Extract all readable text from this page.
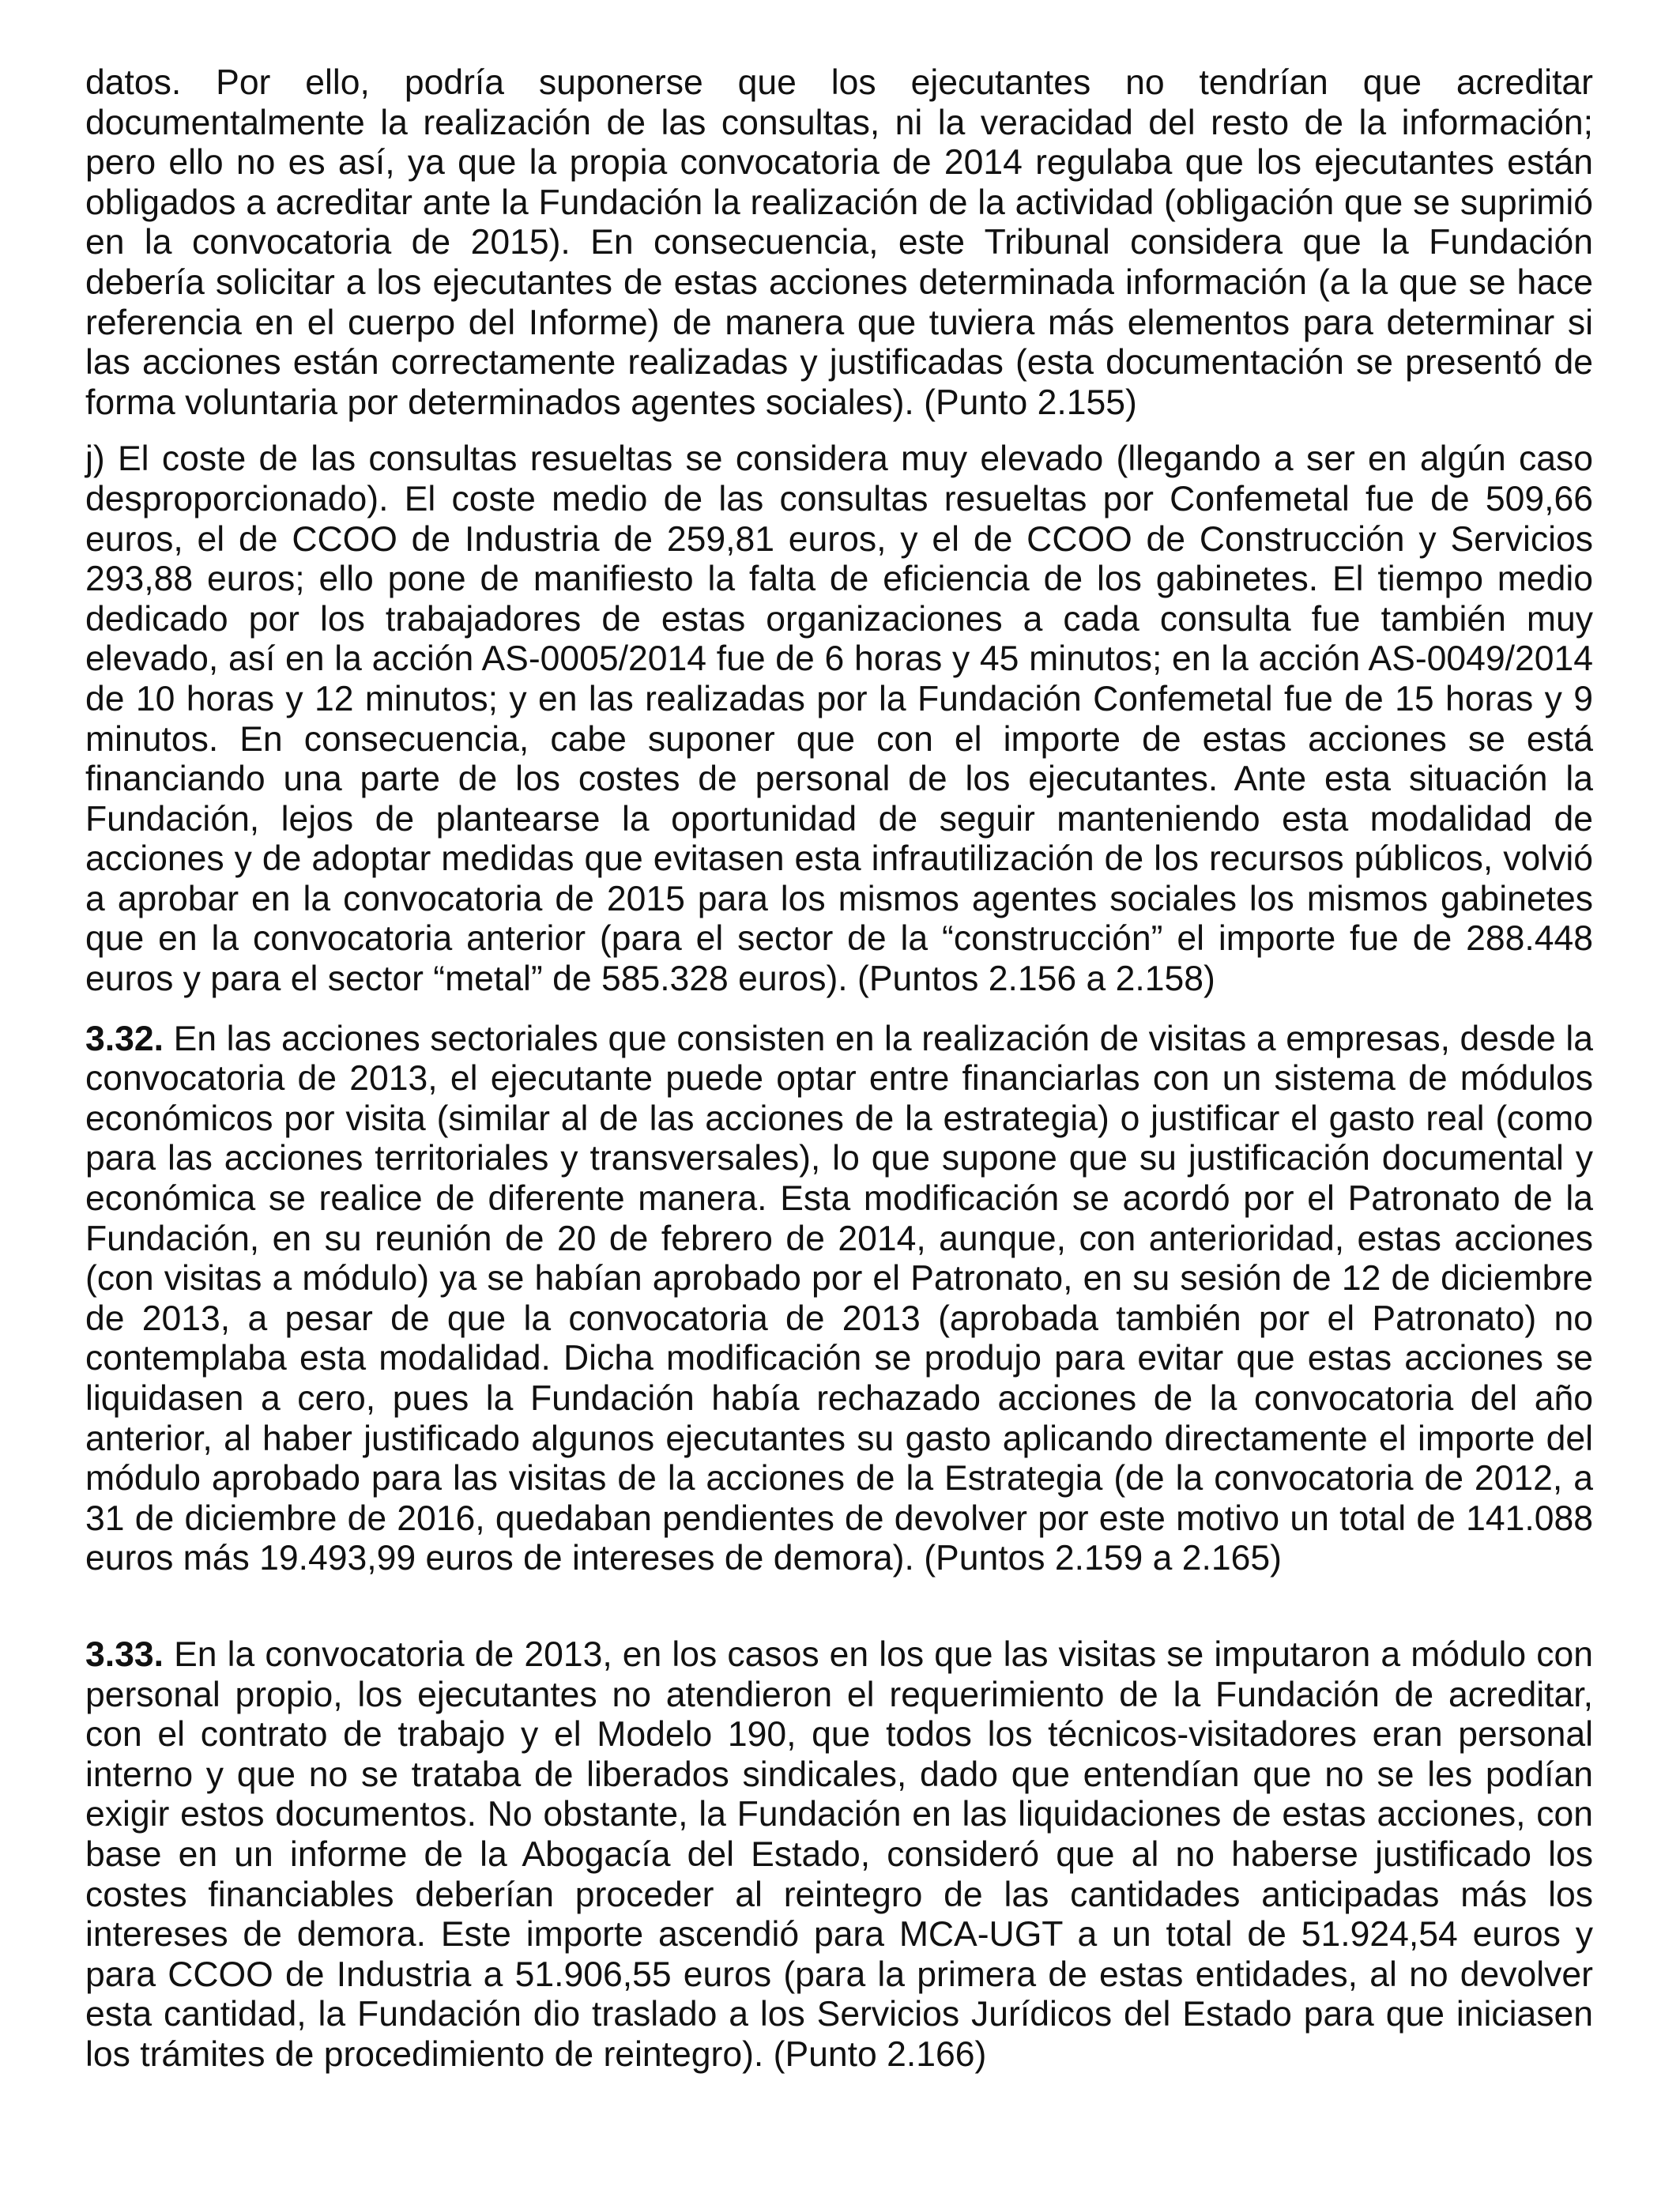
datos. Por ello, podría suponerse que los ejecutantes no tendrían que acreditar documentalmente la realización de las consultas, ni la veracidad del resto de la información; pero ello no es así, ya que la propia convocatoria de 2014 regulaba que los ejecutantes están obligados a acreditar ante la Fundación la realización de la actividad (obligación que se suprimió en la convocatoria de 2015). En consecuencia, este Tribunal considera que la Fundación debería solicitar a los ejecutantes de estas acciones determinada información (a la que se hace referencia en el cuerpo del Informe) de manera que tuviera más elementos para determinar si las acciones están correctamente realizadas y justificadas (esta documentación se presentó de forma voluntaria por determinados agentes sociales). (Punto 2.155)

j) El coste de las consultas resueltas se considera muy elevado (llegando a ser en algún caso desproporcionado). El coste medio de las consultas resueltas por Confemetal fue de 509,66 euros, el de CCOO de Industria de 259,81 euros, y el de CCOO de Construcción y Servicios 293,88 euros; ello pone de manifiesto la falta de eficiencia de los gabinetes. El tiempo medio dedicado por los trabajadores de estas organizaciones a cada consulta fue también muy elevado, así en la acción AS-0005/2014 fue de 6 horas y 45 minutos; en la acción AS-0049/2014 de 10 horas y 12 minutos; y en las realizadas por la Fundación Confemetal fue de 15 horas y 9 minutos. En consecuencia, cabe suponer que con el importe de estas acciones se está financiando una parte de los costes de personal de los ejecutantes. Ante esta situación la Fundación, lejos de plantearse la oportunidad de seguir manteniendo esta modalidad de acciones y de adoptar medidas que evitasen esta infrautilización de los recursos públicos, volvió a aprobar en la convocatoria de 2015 para los mismos agentes sociales los mismos gabinetes que en la convocatoria anterior (para el sector de la “construcción” el importe fue de 288.448 euros y para el sector “metal” de 585.328 euros). (Puntos 2.156 a 2.158)

3.32. En las acciones sectoriales que consisten en la realización de visitas a empresas, desde la convocatoria de 2013, el ejecutante puede optar entre financiarlas con un sistema de módulos económicos por visita (similar al de las acciones de la estrategia) o justificar el gasto real (como para las acciones territoriales y transversales), lo que supone que su justificación documental y económica se realice de diferente manera. Esta modificación se acordó por el Patronato de la Fundación, en su reunión de 20 de febrero de 2014, aunque, con anterioridad, estas acciones (con visitas a módulo) ya se habían aprobado por el Patronato, en su sesión de 12 de diciembre de 2013, a pesar de que la convocatoria de 2013 (aprobada también por el Patronato) no contemplaba esta modalidad. Dicha modificación se produjo para evitar que estas acciones se liquidasen a cero, pues la Fundación había rechazado acciones de la convocatoria del año anterior, al haber justificado algunos ejecutantes su gasto aplicando directamente el importe del módulo aprobado para las visitas de la acciones de la Estrategia (de la convocatoria de 2012, a 31 de diciembre de 2016, quedaban pendientes de devolver por este motivo un total de 141.088 euros más 19.493,99 euros de intereses de demora). (Puntos 2.159 a 2.165)

3.33. En la convocatoria de 2013, en los casos en los que las visitas se imputaron a módulo con personal propio, los ejecutantes no atendieron el requerimiento de la Fundación de acreditar, con el contrato de trabajo y el Modelo 190, que todos los técnicos-visitadores eran personal interno y que no se trataba de liberados sindicales, dado que entendían que no se les podían exigir estos documentos. No obstante, la Fundación en las liquidaciones de estas acciones, con base en un informe de la Abogacía del Estado, consideró que al no haberse justificado los costes financiables deberían proceder al reintegro de las cantidades anticipadas más los intereses de demora. Este importe ascendió para MCA-UGT a un total de 51.924,54 euros y para CCOO de Industria a 51.906,55 euros (para la primera de estas entidades, al no devolver esta cantidad, la Fundación dio traslado a los Servicios Jurídicos del Estado para que iniciasen los trámites de procedimiento de reintegro). (Punto 2.166)
